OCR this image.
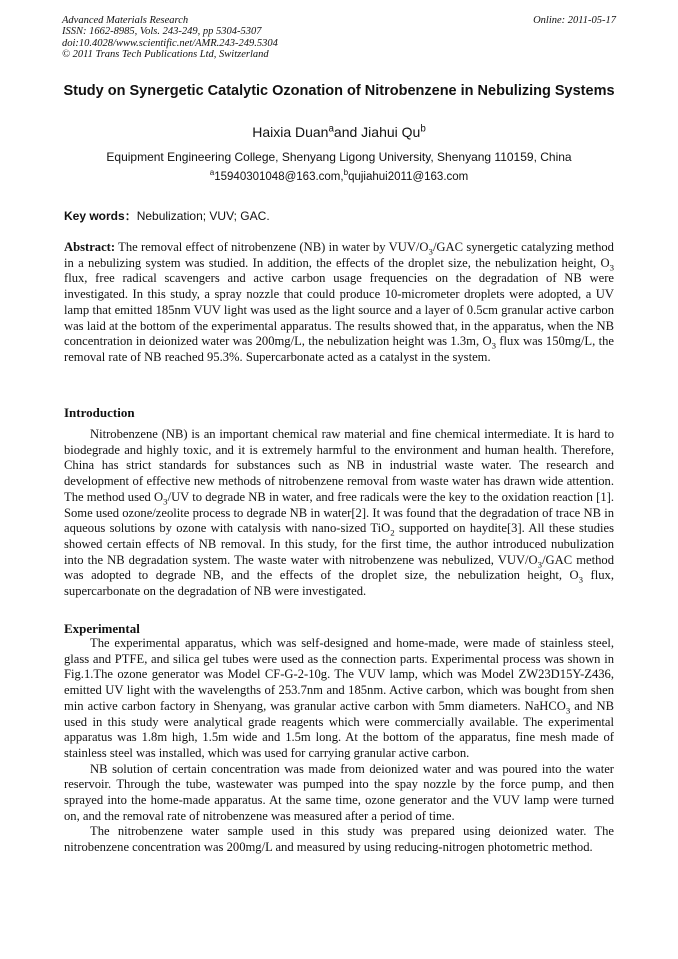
Advanced Materials Research
ISSN: 1662-8985, Vols. 243-249, pp 5304-5307
doi:10.4028/www.scientific.net/AMR.243-249.5304
© 2011 Trans Tech Publications Ltd, Switzerland
Online: 2011-05-17
Study on Synergetic Catalytic Ozonation of Nitrobenzene in Nebulizing Systems
Haixia Duan$^a$and Jiahui Qu$^b$
Equipment Engineering College, Shenyang Ligong University, Shenyang 110159, China
$^a$15940301048@163.com,$^b$qujiahui2011@163.com
Key words：Nebulization; VUV; GAC.

Abstract: The removal effect of nitrobenzene (NB) in water by VUV/$O_3$/GAC synergetic catalyzing method in a nebulizing system was studied. In addition, the effects of the droplet size, the nebulization height, $O_3$ flux, free radical scavengers and active carbon usage frequencies on the degradation of NB were investigated. In this study, a spray nozzle that could produce 10-micrometer droplets were adopted, a UV lamp that emitted 185nm VUV light was used as the light source and a layer of 0.5cm granular active carbon was laid at the bottom of the experimental apparatus. The results showed that, in the apparatus, when the NB concentration in deionized water was 200mg/L, the nebulization height was 1.3m, $O_3$ flux was 150mg/L, the removal rate of NB reached 95.3%. Supercarbonate acted as a catalyst in the system.

Introduction

Nitrobenzene (NB) is an important chemical raw material and fine chemical intermediate. It is hard to biodegrade and highly toxic, and it is extremely harmful to the environment and human health. Therefore, China has strict standards for substances such as NB in industrial waste water. The research and development of effective new methods of nitrobenzene removal from waste water has drawn wide attention. The method used $O_3/UV$ to degrade NB in water, and free radicals were the key to the oxidation reaction [1]. Some used ozone/zeolite process to degrade NB in water[2]. It was found that the degradation of trace NB in aqueous solutions by ozone with catalysis with nano-sized TiO$_2$ supported on haydite[3]. All these studies showed certain effects of NB removal. In this study, for the first time, the author introduced nubulization into the NB degradation system. The waste water with nitrobenzene was nebulized, VUV/$O_3$/GAC method was adopted to degrade NB, and the effects of the droplet size, the nebulization height, $O_3$ flux, supercarbonate on the degradation of NB were investigated.

Experimental

The experimental apparatus, which was self-designed and home-made, were made of stainless steel, glass and PTFE, and silica gel tubes were used as the connection parts. Experimental process was shown in Fig.1.The ozone generator was Model CF-G-2-10g. The VUV lamp, which was Model ZW23D15Y-Z436, emitted UV light with the wavelengths of 253.7nm and 185nm. Active carbon, which was bought from shen min active carbon factory in Shenyang, was granular active carbon with 5mm diameters. NaHCO$_3$ and NB used in this study were analytical grade reagents which were commercially available. The experimental apparatus was 1.8m high, 1.5m wide and 1.5m long. At the bottom of the apparatus, fine mesh made of stainless steel was installed, which was used for carrying granular active carbon.

NB solution of certain concentration was made from deionized water and was poured into the water reservoir. Through the tube, wastewater was pumped into the spay nozzle by the force pump, and then sprayed into the home-made apparatus. At the same time, ozone generator and the VUV lamp were turned on, and the removal rate of nitrobenzene was measured after a period of time.

The nitrobenzene water sample used in this study was prepared using deionized water. The nitrobenzene concentration was 200mg/L and measured by using reducing-nitrogen photometric method.
